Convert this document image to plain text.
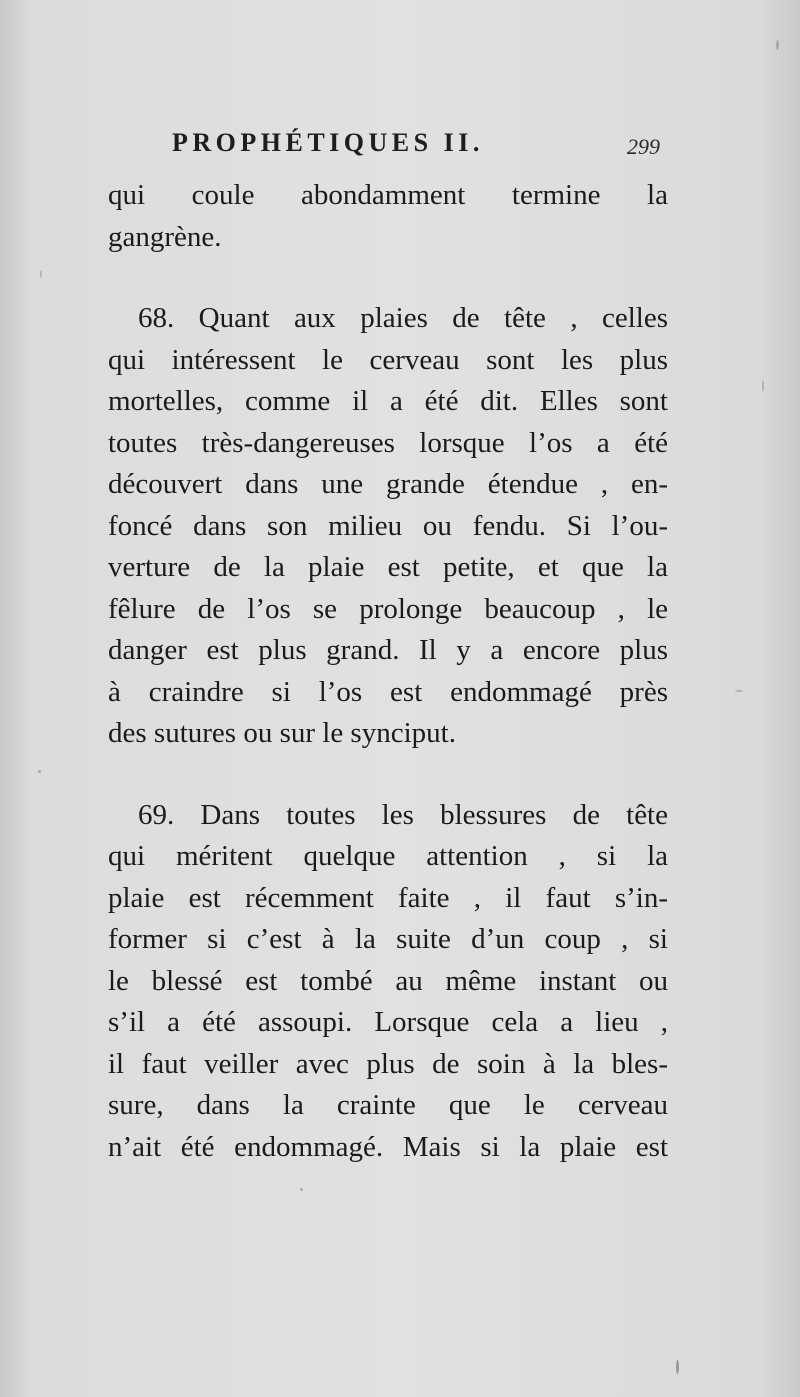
PROPHÉTIQUES II.	299
qui coule abondamment termine la
gangrène.
68. Quant aux plaies de tête , celles
qui intéressent le cerveau sont les plus
mortelles, comme il a été dit. Elles sont
toutes très-dangereuses lorsque l’os a été
découvert dans une grande étendue , en-
foncé dans son milieu ou fendu. Si l’ou-
verture de la plaie est petite, et que la
fêlure de l’os se prolonge beaucoup , le
danger est plus grand. Il y a encore plus
à craindre si l’os est endommagé près
des sutures ou sur le synciput.
69. Dans toutes les blessures de tête
qui méritent quelque attention , si la
plaie est récemment faite , il faut s’in-
former si c’est à la suite d’un coup , si
le blessé est tombé au même instant ou
s’il a été assoupi. Lorsque cela a lieu ,
il faut veiller avec plus de soin à la bles-
sure, dans la crainte que le cerveau
n’ait été endommagé. Mais si la plaie est
